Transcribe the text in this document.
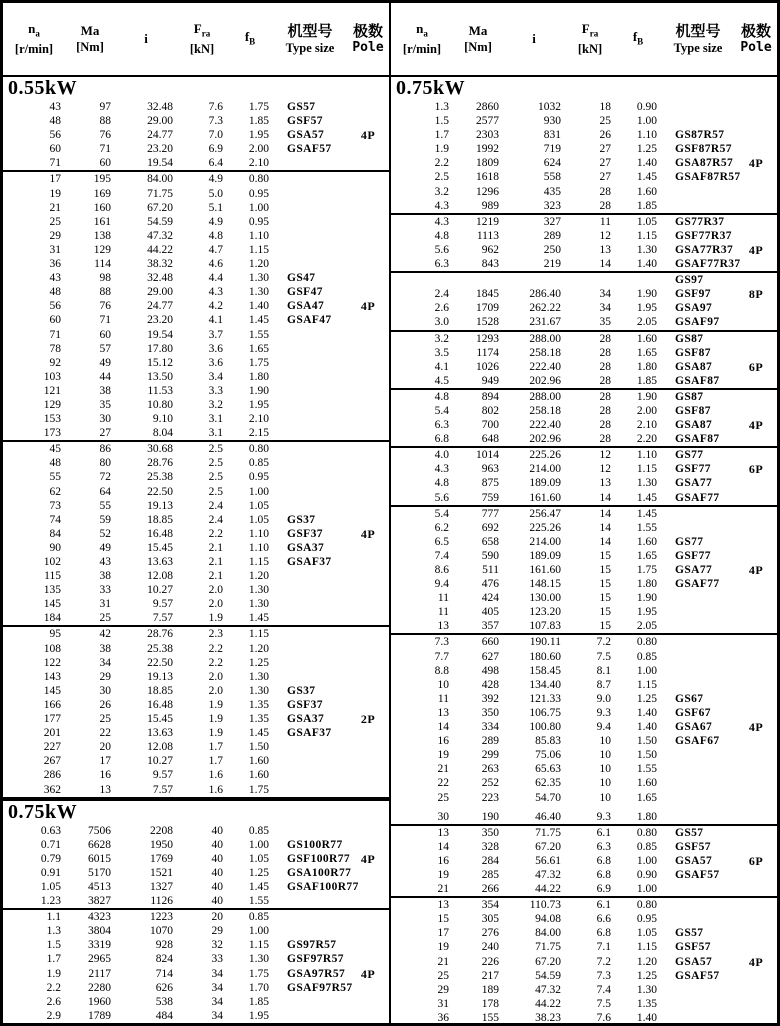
$n_a$
[r/min]
Ma
[Nm]
i
$F_{ra}$
[kN]
$f_B$
机型号
Type size
极数
Pole
0.55kW
43	97	32.48	7.6	1.75	GS57
48	88	29.00	7.3	1.85	GSF57
56	76	24.77	7.0	1.95	GSA57	4P
60	71	23.20	6.9	2.00	GSAF57
71	60	19.54	6.4	2.10
17	195	84.00	4.9	0.80
19	169	71.75	5.0	0.95
21	160	67.20	5.1	1.00
25	161	54.59	4.9	0.95
29	138	47.32	4.8	1.10
31	129	44.22	4.7	1.15
36	114	38.32	4.6	1.20
43	98	32.48	4.4	1.30	GS47
48	88	29.00	4.3	1.30	GSF47
56	76	24.77	4.2	1.40	GSA47	4P
60	71	23.20	4.1	1.45	GSAF47
71	60	19.54	3.7	1.55
78	57	17.80	3.6	1.65
92	49	15.12	3.6	1.75
103	44	13.50	3.4	1.80
121	38	11.53	3.3	1.90
129	35	10.80	3.2	1.95
153	30	9.10	3.1	2.10
173	27	8.04	3.1	2.15
45	86	30.68	2.5	0.80
48	80	28.76	2.5	0.85
55	72	25.38	2.5	0.95
62	64	22.50	2.5	1.00
73	55	19.13	2.4	1.05
74	59	18.85	2.4	1.05	GS37
84	52	16.48	2.2	1.10	GSF37	4P
90	49	15.45	2.1	1.10	GSA37
102	43	13.63	2.1	1.15	GSAF37
115	38	12.08	2.1	1.20
135	33	10.27	2.0	1.30
145	31	9.57	2.0	1.30
184	25	7.57	1.9	1.45
95	42	28.76	2.3	1.15
108	38	25.38	2.2	1.20
122	34	22.50	2.2	1.25
143	29	19.13	2.0	1.30
145	30	18.85	2.0	1.30	GS37
166	26	16.48	1.9	1.35	GSF37
177	25	15.45	1.9	1.35	GSA37	2P
201	22	13.63	1.9	1.45	GSAF37
227	20	12.08	1.7	1.50
267	17	10.27	1.7	1.60
286	16	9.57	1.6	1.60
362	13	7.57	1.6	1.75
0.75kW
0.63	7506	2208	40	0.85
0.71	6628	1950	40	1.00	GS100R77
0.79	6015	1769	40	1.05	GSF100R77 4P
0.91	5170	1521	40	1.25	GSA100R77
1.05	4513	1327	40	1.45	GSAF100R77
1.23	3827	1126	40	1.55
1.1	4323	1223	20	0.85
1.3	3804	1070	29	1.00
1.5	3319	928	32	1.15	GS97R57
1.7	2965	824	33	1.30	GSF97R57
1.9	2117	714	34	1.75	GSA97R57	4P
2.2	2280	626	34	1.70	GSAF97R57
2.6	1960	538	34	1.85
2.9	1789	484	34	1.95
$n_a$
[r/min]
Ma
[Nm]
i
$F_{ra}$
[kN]
$f_B$
机型号
Type size
极数
Pole
0.75kW
1.3	2860	1032	18	0.90
1.5	2577	930	25	1.00
1.7	2303	831	26	1.10	GS87R57
1.9	1992	719	27	1.25	GSF87R57
2.2	1809	624	27	1.40	GSA87R57	4P
2.5	1618	558	27	1.45	GSAF87R57
3.2	1296	435	28	1.60
4.3	989	323	28	1.85
4.3	1219	327	11	1.05	GS77R37
4.8	1113	289	12	1.15	GSF77R37
5.6	962	250	13	1.30	GSA77R37	4P
6.3	843	219	14	1.40	GSAF77R37
GS97
2.4	1845	286.40	34	1.90	GSF97	8P
2.6	1709	262.22	34	1.95	GSA97
3.0	1528	231.67	35	2.05	GSAF97
3.2	1293	288.00	28	1.60	GS87
3.5	1174	258.18	28	1.65	GSF87
4.1	1026	222.40	28	1.80	GSA87	6P
4.5	949	202.96	28	1.85	GSAF87
4.8	894	288.00	28	1.90	GS87
5.4	802	258.18	28	2.00	GSF87
6.3	700	222.40	28	2.10	GSA87	4P
6.8	648	202.96	28	2.20	GSAF87
4.0	1014	225.26	12	1.10	GS77
4.3	963	214.00	12	1.15	GSF77	6P
4.8	875	189.09	13	1.30	GSA77
5.6	759	161.60	14	1.45	GSAF77
5.4	777	256.47	14	1.45
6.2	692	225.26	14	1.55
6.5	658	214.00	14	1.60	GS77
7.4	590	189.09	15	1.65	GSF77
8.6	511	161.60	15	1.75	GSA77	4P
9.4	476	148.15	15	1.80	GSAF77
11	424	130.00	15	1.90
11	405	123.20	15	1.95
13	357	107.83	15	2.05
7.3	660	190.11	7.2	0.80
7.7	627	180.60	7.5	0.85
8.8	498	158.45	8.1	1.00
10	428	134.40	8.7	1.15
11	392	121.33	9.0	1.25	GS67
13	350	106.75	9.3	1.40	GSF67
14	334	100.80	9.4	1.40	GSA67	4P
16	289	85.83	10	1.50	GSAF67
19	299	75.06	10	1.50
21	263	65.63	10	1.55
22	252	62.35	10	1.60
25	223	54.70	10	1.65
30	190	46.40	9.3	1.80
13	350	71.75	6.1	0.80	GS57
14	328	67.20	6.3	0.85	GSF57
16	284	56.61	6.8	1.00	GSA57	6P
19	285	47.32	6.8	0.90	GSAF57
21	266	44.22	6.9	1.00
13	354	110.73	6.1	0.80
15	305	94.08	6.6	0.95
17	276	84.00	6.8	1.05	GS57
19	240	71.75	7.1	1.15	GSF57
21	226	67.20	7.2	1.20	GSA57	4P
25	217	54.59	7.3	1.25	GSAF57
29	189	47.32	7.4	1.30
31	178	44.22	7.5	1.35
36	155	38.23	7.6	1.40
